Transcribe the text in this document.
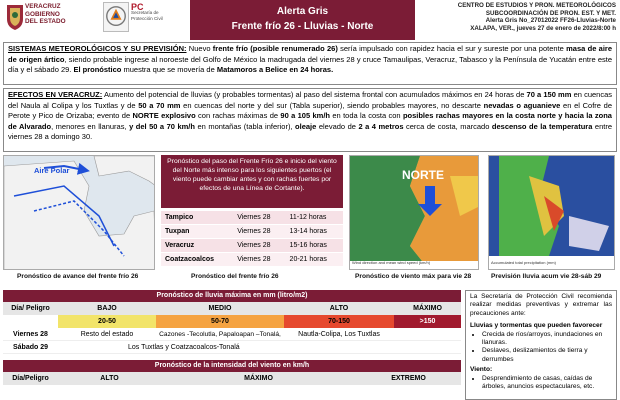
VERACRUZ
GOBIERNO
DEL ESTADO
PC
Secretaría de
Protección Civil
Alerta Gris
Frente frío 26 - Lluvias - Norte
CENTRO DE ESTUDIOS Y PRON. METEOROLÓGICOS
SUBCOORDINACIÓN DE PRON. EST. Y MET.
Alerta Gris No_27012022 FF26-Lluvias-Norte
XALAPA, VER., jueves 27 de enero de 2022/8:00 h
SISTEMAS METEOROLÓGICOS Y SU PREVISIÓN: Nuevo frente frío (posible renumerado 26) sería impulsado con rapidez hacia el sur y sureste por una potente masa de aire de origen ártico, siendo probable ingrese al noroeste del Golfo de México la madrugada del viernes 28 y cruce Tamaulipas, Veracruz, Tabasco y la Península de Yucatán entre este día y el sábado 29. El pronóstico muestra que se movería de Matamoros a Belice en 24 horas.
EFECTOS EN VERACRUZ: Aumento del potencial de lluvias (y probables tormentas) al paso del sistema frontal con acumulados máximos en 24 horas de 70 a 150 mm en cuencas del Naula al Colipa y los Tuxtlas y de 50 a 70 mm en cuencas del norte y del sur (Tabla superior), siendo probables mayores, no descarte nevadas o aguanieve en el Cofre de Perote y Pico de Orizaba; evento de NORTE explosivo con rachas máximas de 90 a 105 km/h en toda la costa con posibles rachas mayores en la costa norte y hacia la zona de Alvarado, menores en llanuras, y del 50 a 70 km/h en montañas (tabla inferior), oleaje elevado de 2 a 4 metros cerca de costa, marcado descenso de la temperatura entre viernes 28 a domingo 30.
Aire Polar
Pronóstico de avance del frente frío 26
Pronóstico del paso del Frente Frío 26 e inicio del viento del Norte más intenso para los siguientes puertos (el viento puede cambiar antes y con rachas fuertes por efectos de una Línea de Cortante).
Tampico	Viernes 28	11-12 horas
Tuxpan	Viernes 28	13-14 horas
Veracruz	Viernes 28	15-16 horas
Coatzacoalcos	Viernes 28	20-21 horas
Pronóstico del frente frío 26
NORTE
Wind direction and mean wind speed (km/h)
Pronóstico de viento máx para vie 28
Accumulated total precipitation (mm)
Previsión lluvia acum vie 28-sáb 29
Pronóstico de lluvia máxima en mm (litro/m2)
Día/ Peligro	BAJO	MEDIO	ALTO	MÁXIMO
20-50	50-70	70-150	>150
Viernes 28	Resto del estado	Cazones -Tecolutla, Papaloapan –Tonalá,	Nautla-Colipa, Los Tuxtlas
Sábado 29	Los Tuxtlas y Coatzacoalcos-Tonalá
Pronóstico de la intensidad del viento en km/h
Día/Peligro	ALTO	MÁXIMO	EXTREMO
La Secretaría de Protección Civil recomienda realizar medidas preventivas y extremar las precauciones ante:
Lluvias y tormentas que pueden favorecer
• Crecida de ríos/arroyos, inundaciones en llanuras.
• Deslaves, deslizamientos de tierra y derrumbes
Viento:
• Desprendimiento de casas, caídas de árboles, anuncios espectaculares, etc.
